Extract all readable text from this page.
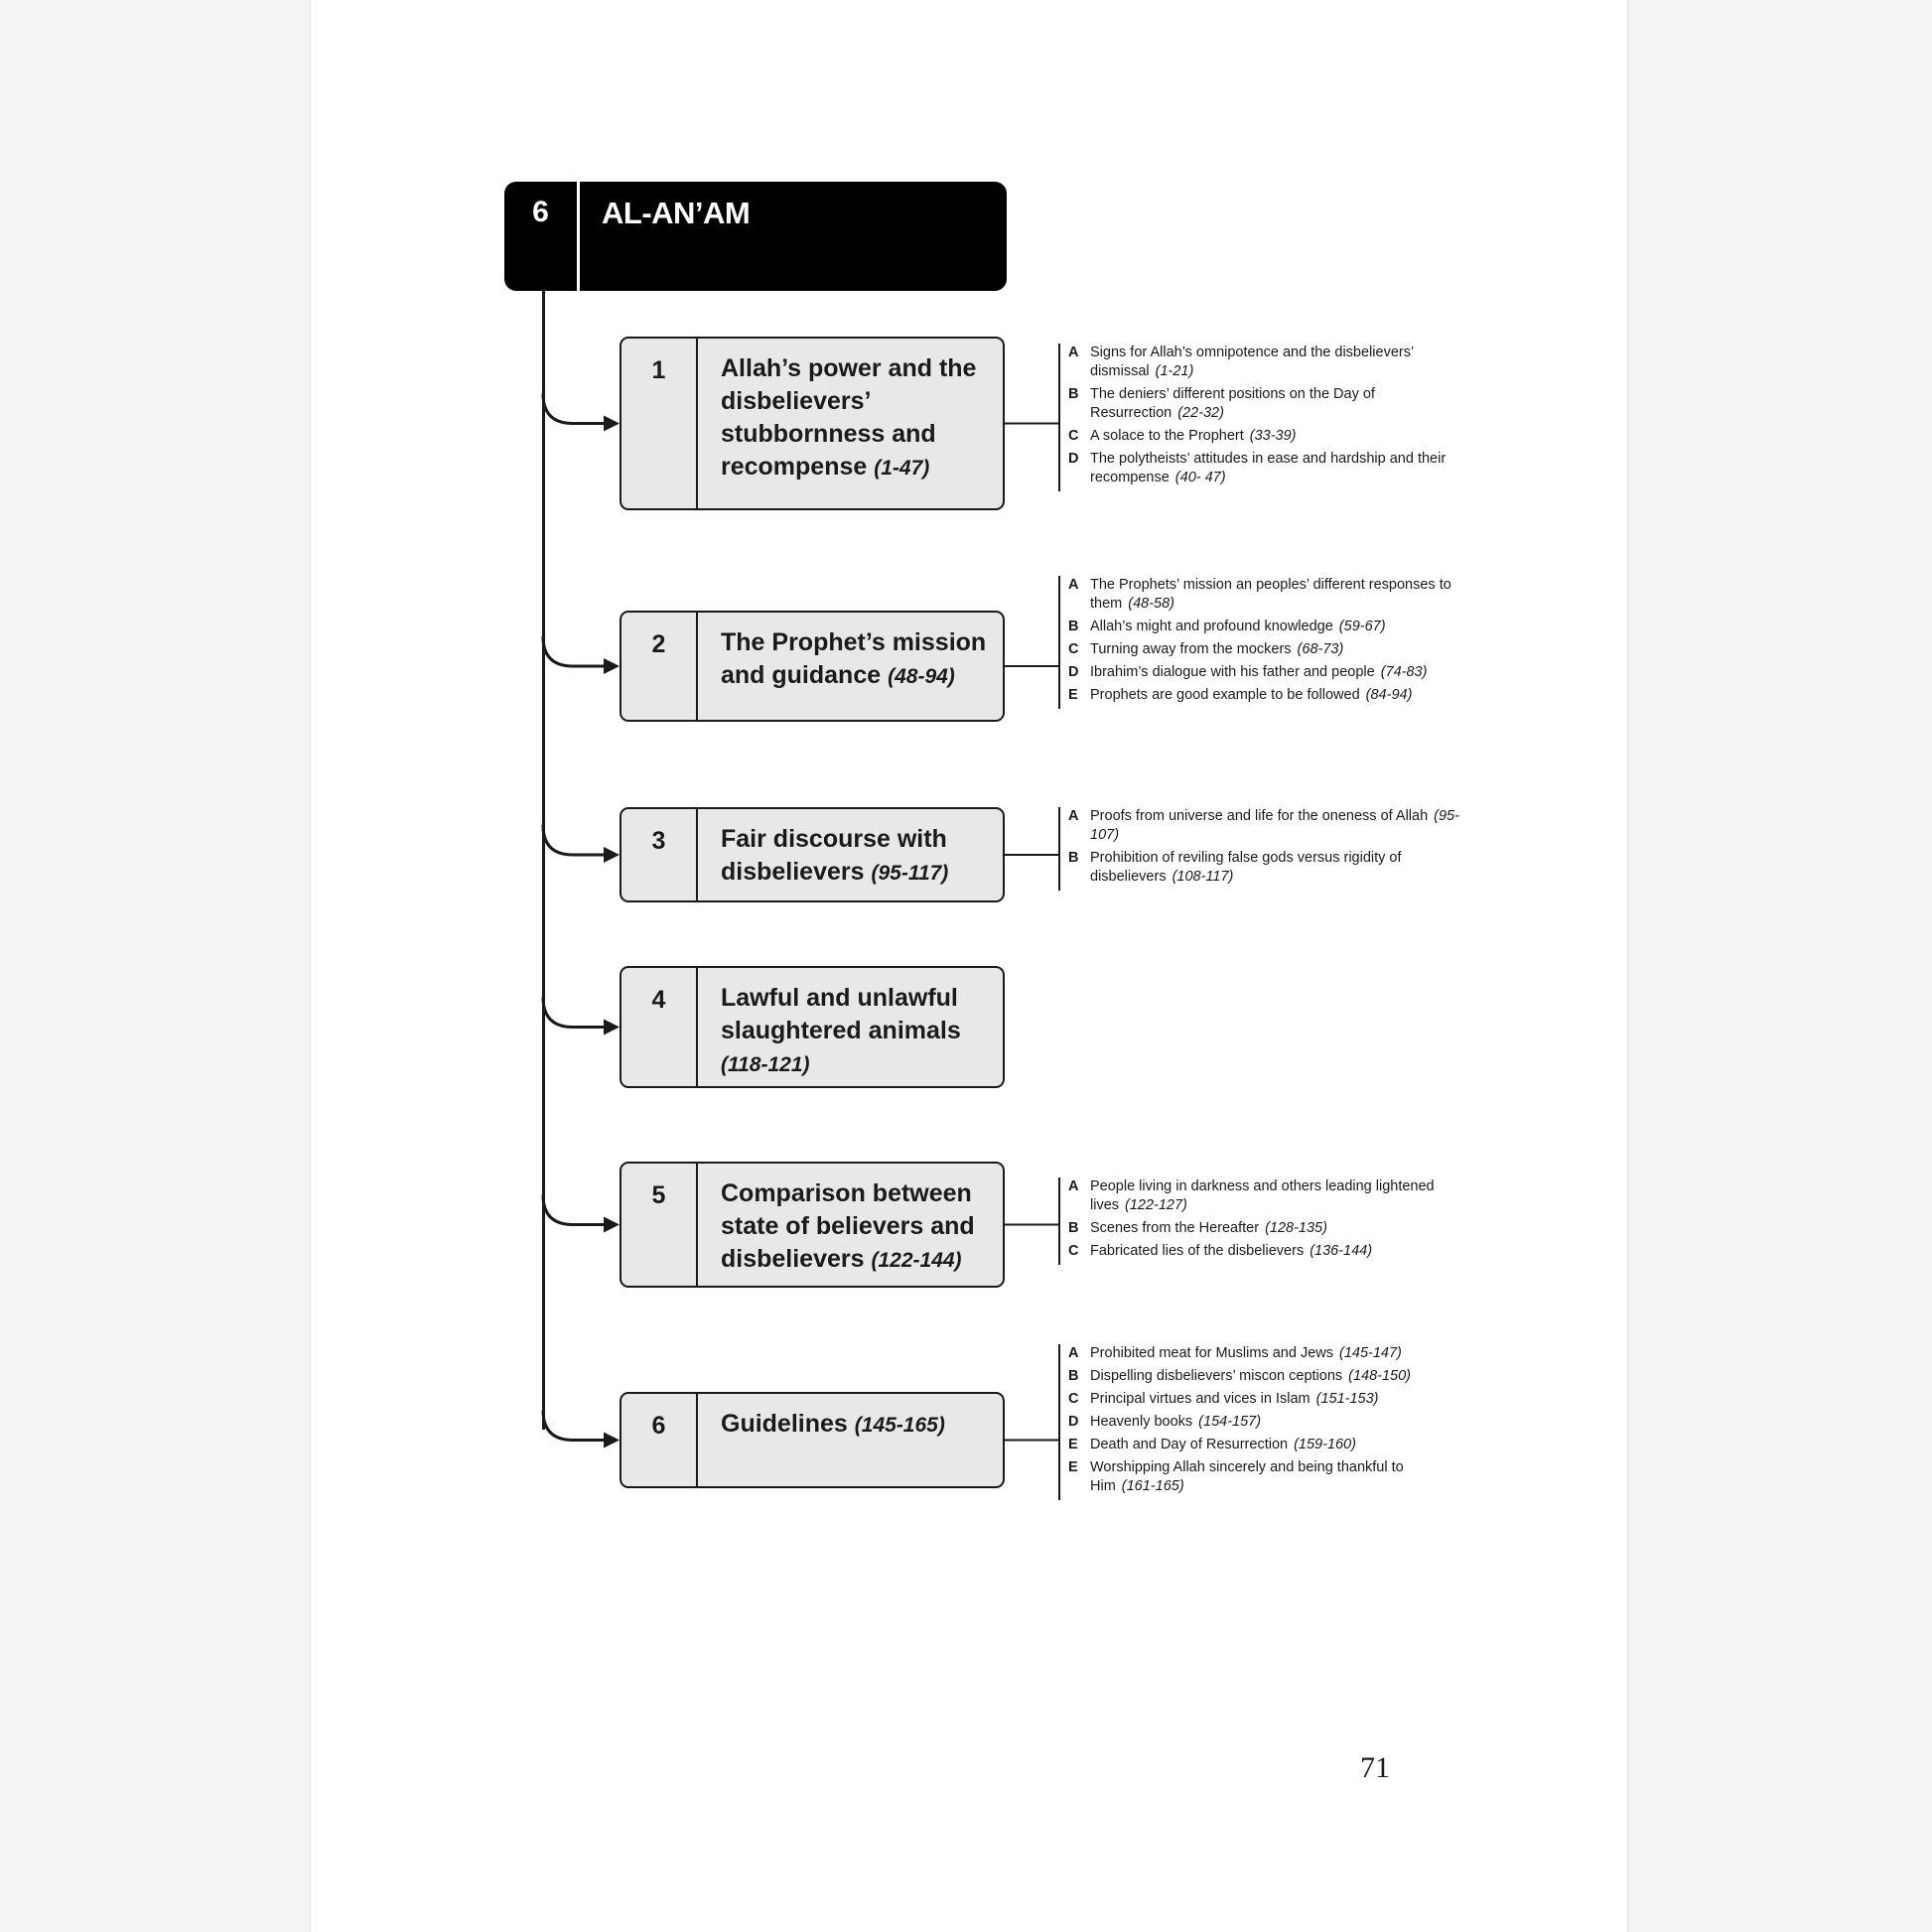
6	AL-AN’AM
1	Allah’s power and the disbelievers’ stubbornness and recompense (1-47)
A Signs for Allah’s omnipotence and the disbelievers’ dismissal (1-21)
B The deniers’ different positions on the Day of Resurrection (22-32)
C A solace to the Prophert (33-39)
D The polytheists’ attitudes in ease and hardship and their recompense (40- 47)
2	The Prophet’s mission and guidance (48-94)
A The Prophets’ mission an peoples’ different responses to them (48-58)
B Allah’s might and profound knowledge (59-67)
C Turning away from the mockers (68-73)
D Ibrahim’s dialogue with his father and people (74-83)
E Prophets are good example to be followed (84-94)
3	Fair discourse with disbelievers (95-117)
A Proofs from universe and life for the oneness of Allah (95-107)
B Prohibition of reviling false gods versus rigidity of disbelievers (108-117)
4	Lawful and unlawful slaughtered animals (118-121)
5	Comparison between state of believers and disbelievers (122-144)
A People living in darkness and others leading lightened lives (122-127)
B Scenes from the Hereafter (128-135)
C Fabricated lies of the disbelievers (136-144)
6	Guidelines (145-165)
A Prohibited meat for Muslims and Jews (145-147)
B Dispelling disbelievers’ miscon ceptions (148-150)
C Principal virtues and vices in Islam (151-153)
D Heavenly books (154-157)
E Death and Day of Resurrection (159-160)
E Worshipping Allah sincerely and being thankful to Him (161-165)
71
